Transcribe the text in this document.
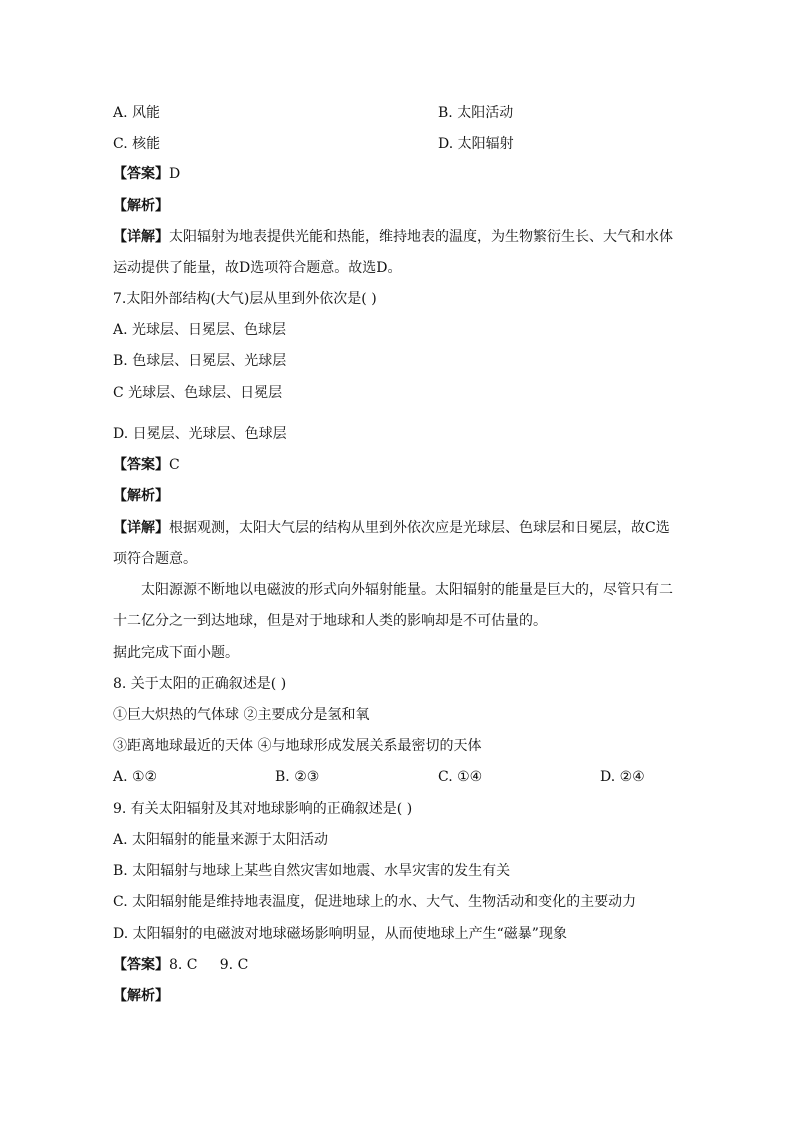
A. 风能	B. 太阳活动
C. 核能	D. 太阳辐射
【答案】D
【解析】
【详解】太阳辐射为地表提供光能和热能，维持地表的温度，为生物繁衍生长、大气和水体
运动提供了能量，故D选项符合题意。故选D。
7.太阳外部结构(大气)层从里到外依次是( )
A. 光球层、日冕层、色球层
B. 色球层、日冕层、光球层
C 光球层、色球层、日冕层
D. 日冕层、光球层、色球层
【答案】C
【解析】
【详解】根据观测，太阳大气层的结构从里到外依次应是光球层、色球层和日冕层，故C选
项符合题意。
太阳源源不断地以电磁波的形式向外辐射能量。太阳辐射的能量是巨大的，尽管只有二
十二亿分之一到达地球，但是对于地球和人类的影响却是不可估量的。
据此完成下面小题。
8. 关于太阳的正确叙述是( )
①巨大炽热的气体球 ②主要成分是氢和氧
③距离地球最近的天体 ④与地球形成发展关系最密切的天体
A. ①②	B. ②③	C. ①④	D. ②④
9. 有关太阳辐射及其对地球影响的正确叙述是( )
A. 太阳辐射的能量来源于太阳活动
B. 太阳辐射与地球上某些自然灾害如地震、水旱灾害的发生有关
C. 太阳辐射能是维持地表温度，促进地球上的水、大气、生物活动和变化的主要动力
D. 太阳辐射的电磁波对地球磁场影响明显，从而使地球上产生“磁暴”现象
【答案】8. C     9. C
【解析】
